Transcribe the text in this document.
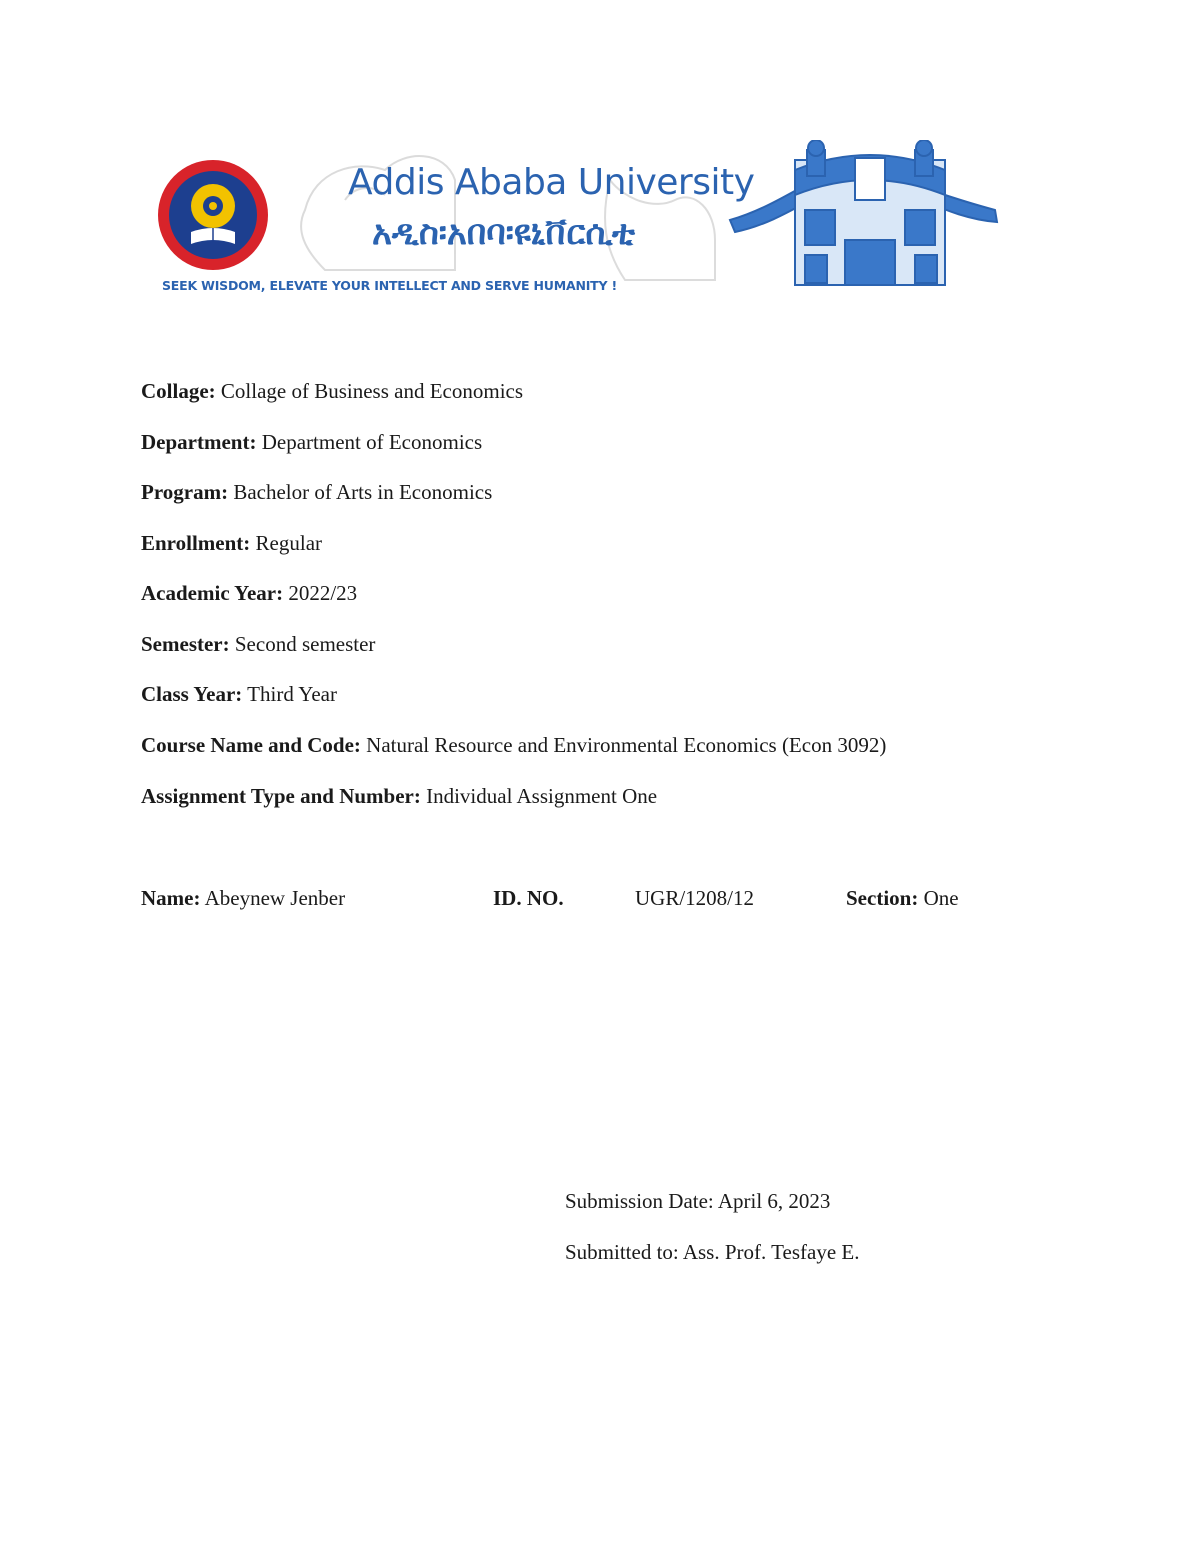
Addis Ababa University
አዲስ፡አበባ፡ዩኒቨርሲቲ
SEEK WISDOM, ELEVATE YOUR INTELLECT AND SERVE HUMANITY !
Collage: Collage of Business and Economics
Department: Department of Economics
Program: Bachelor of Arts in Economics
Enrollment: Regular
Academic Year: 2022/23
Semester: Second semester
Class Year: Third Year
Course Name and Code: Natural Resource and Environmental Economics (Econ 3092)
Assignment Type and Number: Individual Assignment One
Name: Abeynew Jenber	ID. NO.	UGR/1208/12	Section: One
Submission Date: April 6, 2023
Submitted to: Ass. Prof. Tesfaye E.
